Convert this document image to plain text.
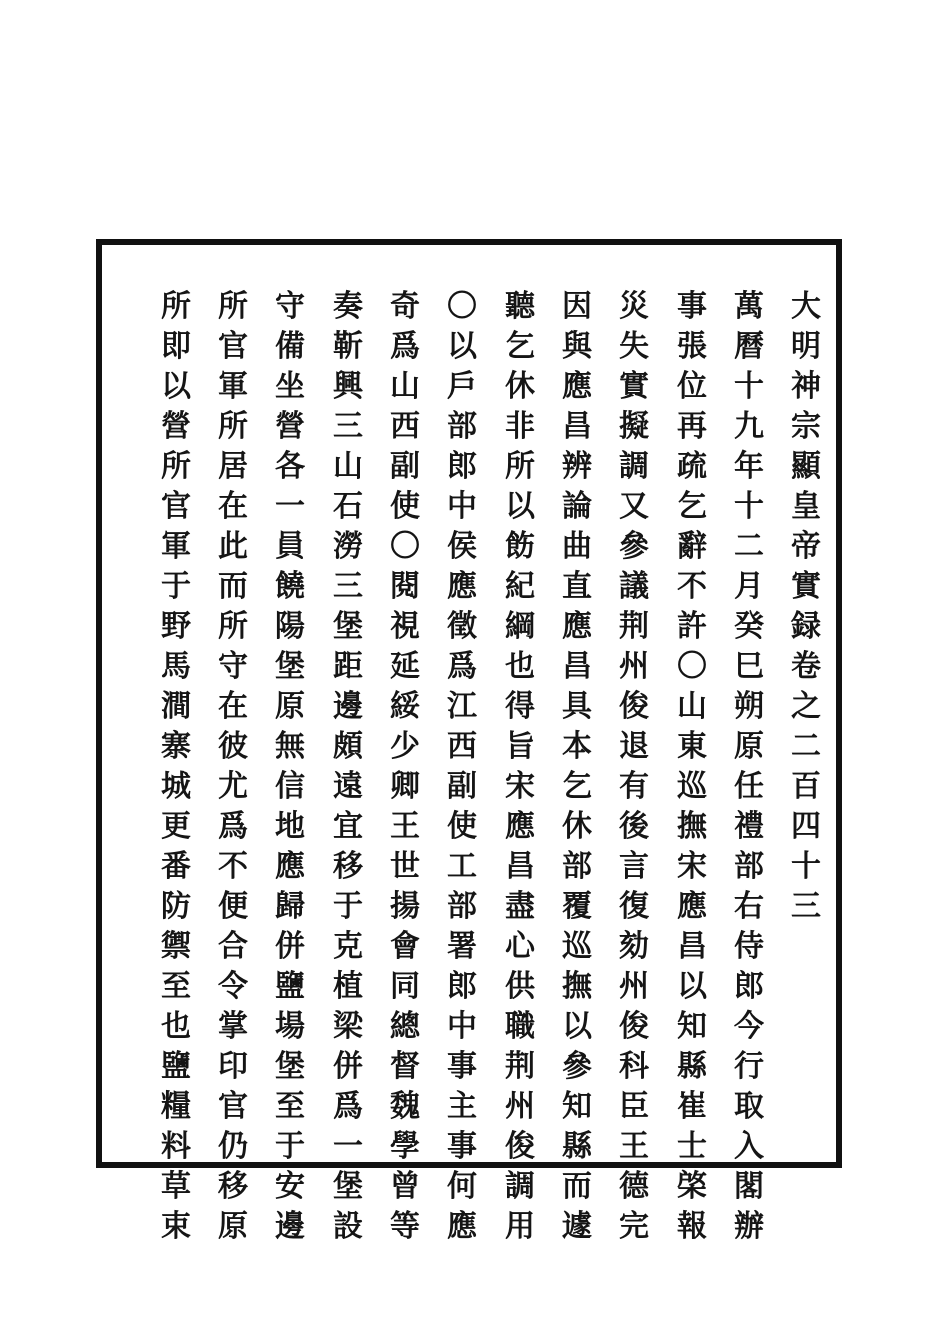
大
明
神
宗
顯
皇
帝
實
録
卷
之
二
百
四
十
三
萬
曆
十
九
年
十
二
月
癸
巳
朔
原
任
禮
部
右
侍
郎
今
行
取
入
閣
辦
事
張
位
再
疏
乞
辭
不
許
〇
山
東
巡
撫
宋
應
昌
以
知
縣
崔
士
棨
報
災
失
實
擬
調
又
參
議
荆
州
俊
退
有
後
言
復
劾
州
俊
科
臣
王
德
完
因
與
應
昌
辨
論
曲
直
應
昌
具
本
乞
休
部
覆
巡
撫
以
參
知
縣
而
遽
聽
乞
休
非
所
以
飭
紀
綱
也
得
旨
宋
應
昌
盡
心
供
職
荆
州
俊
調
用
〇
以
戶
部
郎
中
侯
應
徵
爲
江
西
副
使
工
部
署
郎
中
事
主
事
何
應
奇
爲
山
西
副
使
〇
閱
視
延
綏
少
卿
王
世
揚
會
同
總
督
魏
學
曾
等
奏
靳
興
三
山
石
澇
三
堡
距
邊
頗
遠
宜
移
于
克
植
梁
併
爲
一
堡
設
守
備
坐
營
各
一
員
饒
陽
堡
原
無
信
地
應
歸
併
鹽
場
堡
至
于
安
邊
所
官
軍
所
居
在
此
而
所
守
在
彼
尤
爲
不
便
合
令
掌
印
官
仍
移
原
所
即
以
營
所
官
軍
于
野
馬
澗
寨
城
更
番
防
禦
至
也
鹽
糧
料
草
束
